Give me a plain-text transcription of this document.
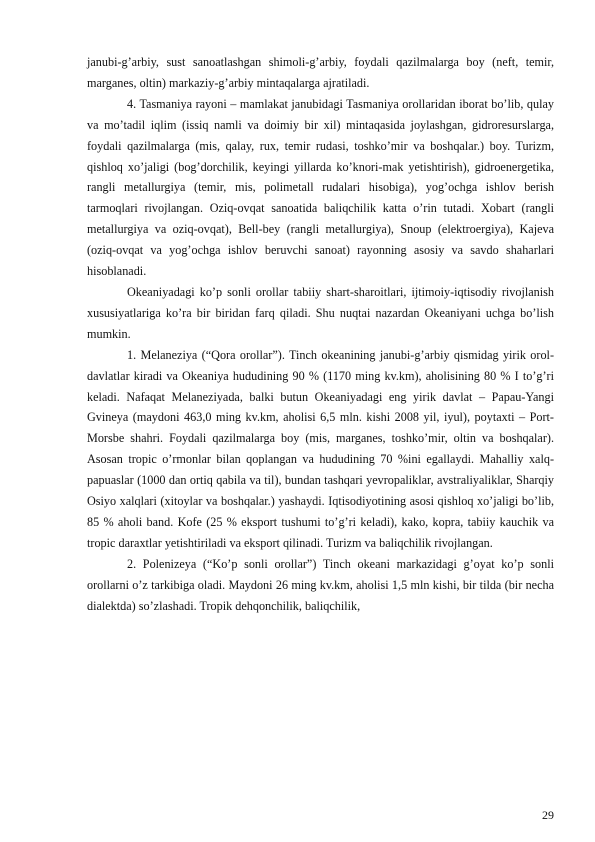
janubi-g’arbiy, sust sanoatlashgan shimoli-g’arbiy, foydali qazilmalarga boy (neft, temir, marganes, oltin) markaziy-g’arbiy mintaqalarga ajratiladi.

4. Tasmaniya rayoni – mamlakat janubidagi Tasmaniya orollaridan iborat bo’lib, qulay va mo’tadil iqlim (issiq namli va doimiy bir xil) mintaqasida joylashgan, gidroresurslarga, foydali qazilmalarga (mis, qalay, rux, temir rudasi, toshko’mir va boshqalar.) boy. Turizm, qishloq xo’jaligi (bog’dorchilik, keyingi yillarda ko’knori-mak yetishtirish), gidroenergetika, rangli metallurgiya (temir, mis, polimetall rudalari hisobiga), yog’ochga ishlov berish tarmoqlari rivojlangan. Oziq-ovqat sanoatida baliqchilik katta o’rin tutadi. Xobart (rangli metallurgiya va oziq-ovqat), Bell-bey (rangli metallurgiya), Snoup (elektroergiya), Kajeva (oziq-ovqat va yog’ochga ishlov beruvchi sanoat) rayonning asosiy va savdo shaharlari hisoblanadi.

Okeaniyadagi ko’p sonli orollar tabiiy shart-sharoitlari, ijtimoiy-iqtisodiy rivojlanish xususiyatlariga ko’ra bir biridan farq qiladi. Shu nuqtai nazardan Okeaniyani uchga bo’lish mumkin.

1. Melaneziya (“Qora orollar”). Tinch okeanining janubi-g’arbiy qismidag yirik orol-davlatlar kiradi va Okeaniya hududining 90 % (1170 ming kv.km), aholisining 80 % I to’g’ri keladi. Nafaqat Melaneziyada, balki butun Okeaniyadagi eng yirik davlat – Papau-Yangi Gvineya (maydoni 463,0 ming kv.km, aholisi 6,5 mln. kishi 2008 yil, iyul), poytaxti – Port-Morsbe shahri. Foydali qazilmalarga boy (mis, marganes, toshko’mir, oltin va boshqalar). Asosan tropic o’rmonlar bilan qoplangan va hududining 70 %ini egallaydi. Mahalliy xalq-papuaslar (1000 dan ortiq qabila va til), bundan tashqari yevropaliklar, avstraliyaliklar, Sharqiy Osiyo xalqlari (xitoylar va boshqalar.) yashaydi. Iqtisodiyotining asosi qishloq xo’jaligi bo’lib, 85 % aholi band. Kofe (25 % eksport tushumi to’g’ri keladi), kako, kopra, tabiiy kauchik va tropic daraxtlar yetishtiriladi va eksport qilinadi. Turizm va baliqchilik rivojlangan.

2. Polenizeya (“Ko’p sonli orollar”) Tinch okeani markazidagi g’oyat ko’p sonli orollarni o’z tarkibiga oladi. Maydoni 26 ming kv.km, aholisi 1,5 mln kishi, bir tilda (bir necha dialektda) so’zlashadi. Tropik dehqonchilik, baliqchilik,

29
